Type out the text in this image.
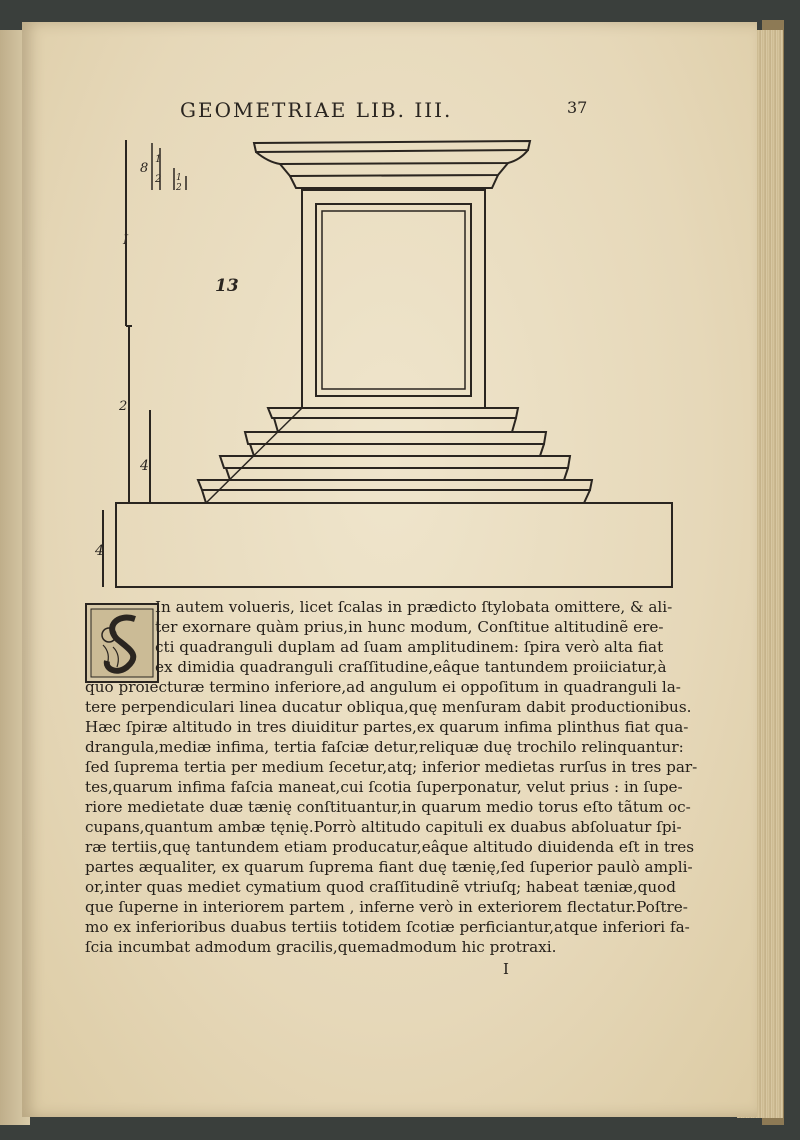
GEOMETRIAE LIB. III.	37
8
1
2 1
2
2
4
4
13
I
In autem volueris, licet ſcalas in prædicto ſtylobata omittere, & ali-
ter exornare quàm prius,in hunc modum, Conſtitue altitudinẽ ere-
cti quadranguli duplam ad ſuam amplitudinem: ſpira verò alta fiat
ex dimidia quadranguli craſſitudine,eâque tantundem proiiciatur,à
quo proiecturæ termino inferiore,ad angulum ei oppoſitum in quadranguli la-
tere perpendiculari linea ducatur obliqua,quę menſuram dabit productionibus.
Hæc ſpiræ altitudo in tres diuiditur partes,ex quarum infima plinthus fiat qua-
drangula,mediæ infima, tertia faſciæ detur,reliquæ duę trochilo relinquantur:
ſed ſuprema tertia per medium ſecetur,atq; inferior medietas rurſus in tres par-
tes,quarum infima faſcia maneat,cui ſcotia ſuperponatur, velut prius : in ſupe-
riore medietate duæ tænię conſtituantur,in quarum medio torus eſto tãtum oc-
cupans,quantum ambæ tęnię.Porrò altitudo capituli ex duabus abſoluatur ſpi-
ræ tertiis,quę tantundem etiam producatur,eâque altitudo diuidenda eſt in tres
partes æqualiter, ex quarum ſuprema fiant duę tænię,ſed ſuperior paulò ampli-
or,inter quas mediet cymatium quod craſſitudinẽ vtriuſq; habeat tæniæ,quod
que ſuperne in interiorem partem , inferne verò in exteriorem flectatur.Poſtre-
mo ex inferioribus duabus tertiis totidem ſcotiæ perficiantur,atque inferiori fa-
ſcia incumbat admodum gracilis,quemadmodum hic protraxi.
I
